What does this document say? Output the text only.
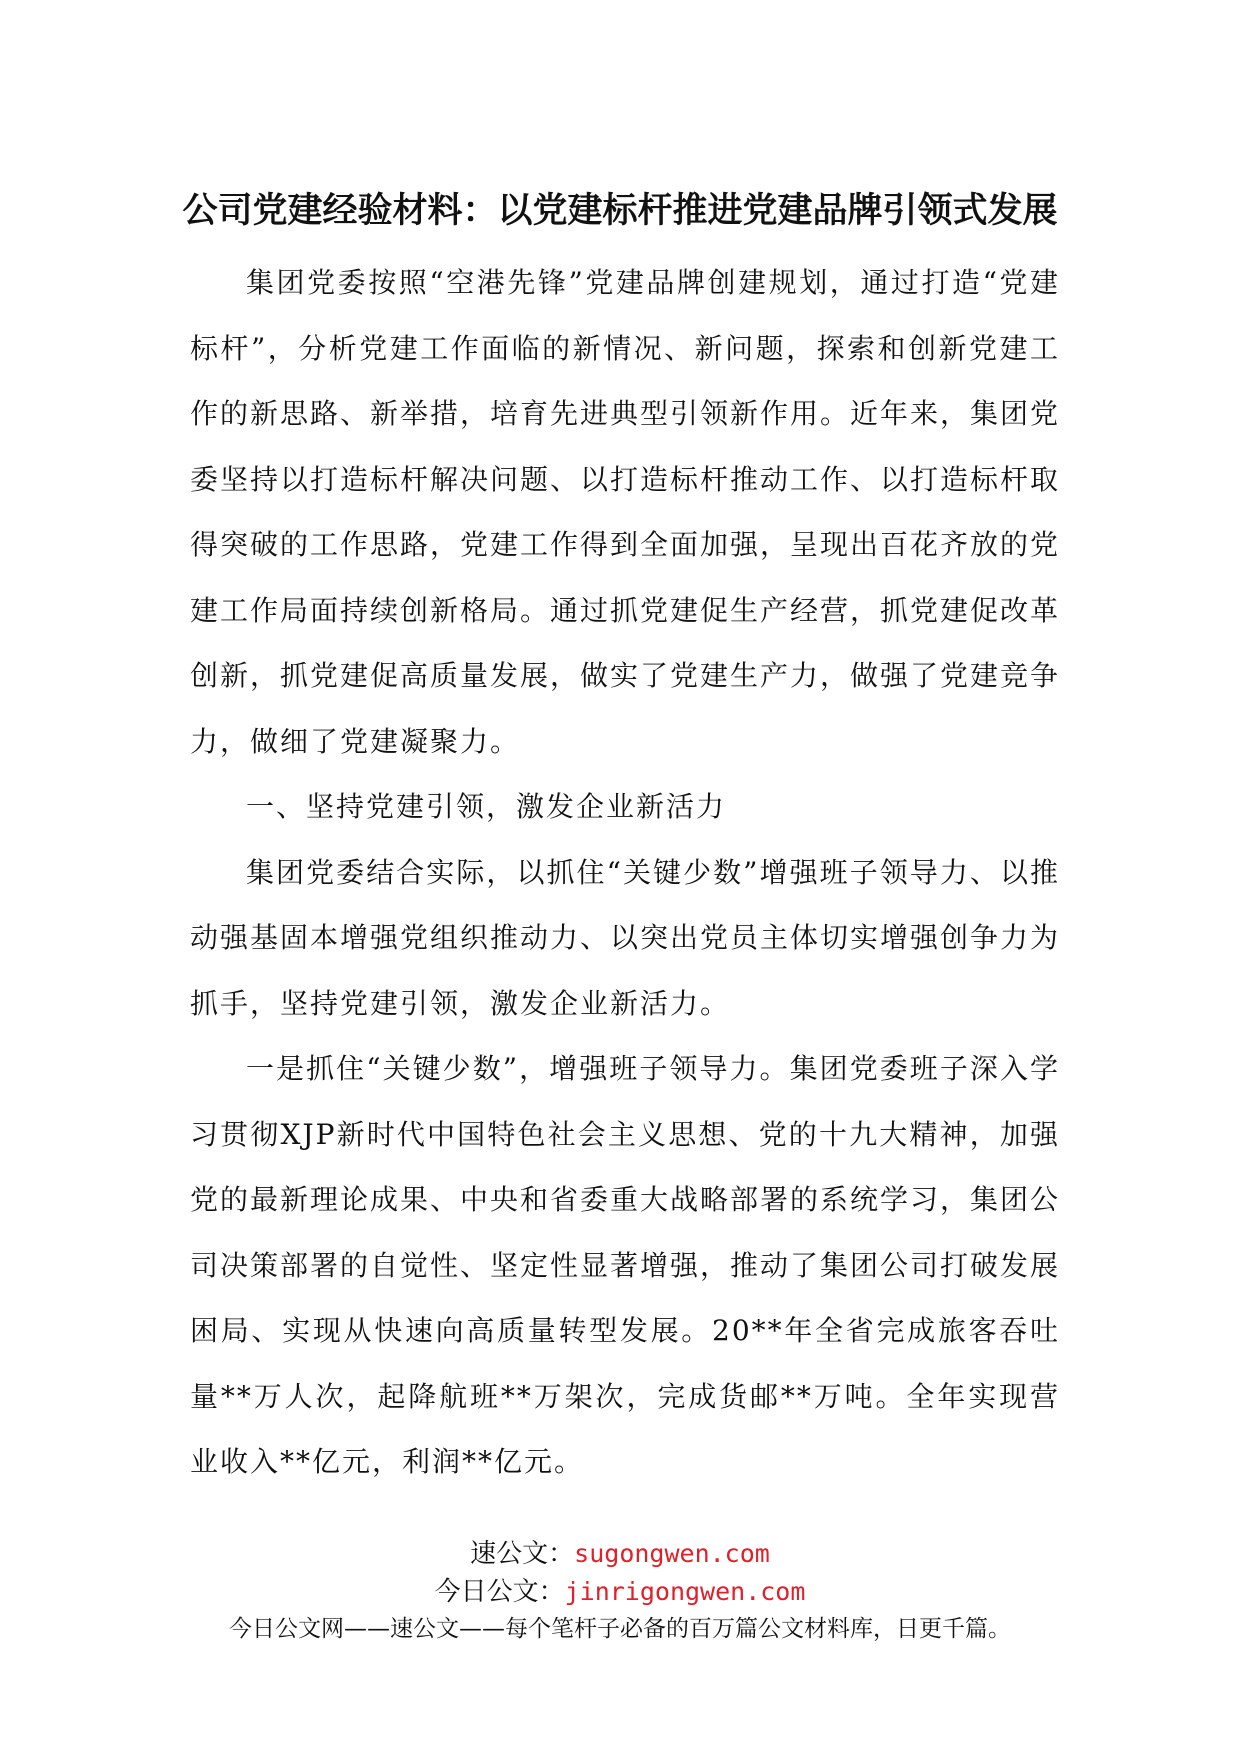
公司党建经验材料：以党建标杆推进党建品牌引领式发展

集团党委按照“空港先锋”党建品牌创建规划，通过打造“党建标杆”，分析党建工作面临的新情况、新问题，探索和创新党建工作的新思路、新举措，培育先进典型引领新作用。近年来，集团党委坚持以打造标杆解决问题、以打造标杆推动工作、以打造标杆取得突破的工作思路，党建工作得到全面加强，呈现出百花齐放的党建工作局面持续创新格局。通过抓党建促生产经营，抓党建促改革创新，抓党建促高质量发展，做实了党建生产力，做强了党建竞争力，做细了党建凝聚力。

一、坚持党建引领，激发企业新活力

集团党委结合实际，以抓住“关键少数”增强班子领导力、以推动强基固本增强党组织推动力、以突出党员主体切实增强创争力为抓手，坚持党建引领，激发企业新活力。

一是抓住“关键少数”，增强班子领导力。集团党委班子深入学习贯彻XJP新时代中国特色社会主义思想、党的十九大精神，加强党的最新理论成果、中央和省委重大战略部署的系统学习，集团公司决策部署的自觉性、坚定性显著增强，推动了集团公司打破发展困局、实现从快速向高质量转型发展。20**年全省完成旅客吞吐量**万人次，起降航班**万架次，完成货邮**万吨。全年实现营业收入**亿元，利润**亿元。

速公文：sugongwen.com
今日公文：jinrigongwen.com
今日公文网——速公文——每个笔杆子必备的百万篇公文材料库，日更千篇。
